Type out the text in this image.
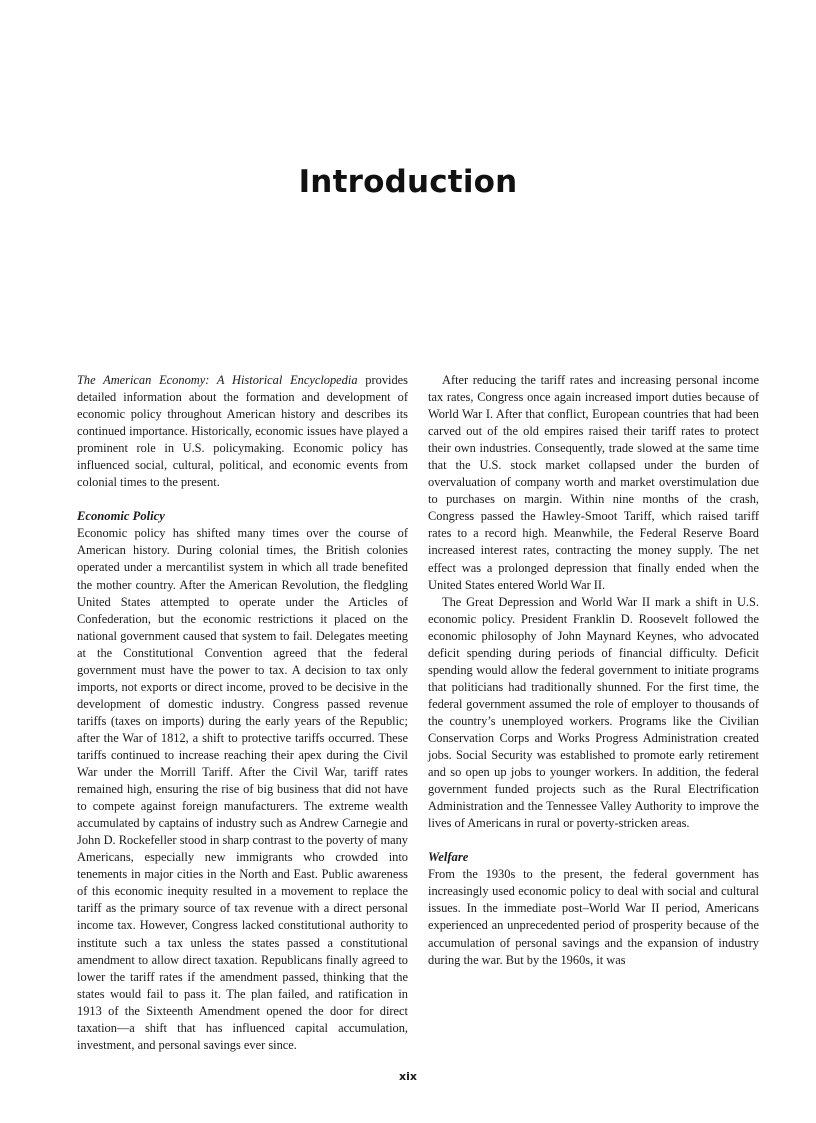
Introduction

The American Economy: A Historical Encyclopedia provides detailed information about the formation and development of economic policy throughout American history and describes its continued importance. Historically, economic issues have played a prominent role in U.S. policymaking. Economic policy has influenced social, cultural, political, and economic events from colonial times to the present.

Economic Policy

Economic policy has shifted many times over the course of American history. During colonial times, the British colonies operated under a mercantilist system in which all trade benefited the mother country. After the American Revolution, the fledgling United States attempted to operate under the Articles of Confederation, but the economic restrictions it placed on the national government caused that system to fail. Delegates meeting at the Constitutional Convention agreed that the federal government must have the power to tax. A decision to tax only imports, not exports or direct income, proved to be decisive in the development of domestic industry. Congress passed revenue tariffs (taxes on imports) during the early years of the Republic; after the War of 1812, a shift to protective tariffs occurred. These tariffs continued to increase reaching their apex during the Civil War under the Morrill Tariff. After the Civil War, tariff rates remained high, ensuring the rise of big business that did not have to compete against foreign manufacturers. The extreme wealth accumulated by captains of industry such as Andrew Carnegie and John D. Rockefeller stood in sharp contrast to the poverty of many Americans, especially new immigrants who crowded into tenements in major cities in the North and East. Public awareness of this economic inequity resulted in a movement to replace the tariff as the primary source of tax revenue with a direct personal income tax. However, Congress lacked constitutional authority to institute such a tax unless the states passed a constitutional amendment to allow direct taxation. Republicans finally agreed to lower the tariff rates if the amendment passed, thinking that the states would fail to pass it. The plan failed, and ratification in 1913 of the Sixteenth Amendment opened the door for direct taxation—a shift that has influenced capital accumulation, investment, and personal savings ever since.

After reducing the tariff rates and increasing personal income tax rates, Congress once again increased import duties because of World War I. After that conflict, European countries that had been carved out of the old empires raised their tariff rates to protect their own industries. Consequently, trade slowed at the same time that the U.S. stock market collapsed under the burden of overvaluation of company worth and market overstimulation due to purchases on margin. Within nine months of the crash, Congress passed the Hawley-Smoot Tariff, which raised tariff rates to a record high. Meanwhile, the Federal Reserve Board increased interest rates, contracting the money supply. The net effect was a prolonged depression that finally ended when the United States entered World War II.

The Great Depression and World War II mark a shift in U.S. economic policy. President Franklin D. Roosevelt followed the economic philosophy of John Maynard Keynes, who advocated deficit spending during periods of financial difficulty. Deficit spending would allow the federal government to initiate programs that politicians had traditionally shunned. For the first time, the federal government assumed the role of employer to thousands of the country’s unemployed workers. Programs like the Civilian Conservation Corps and Works Progress Administration created jobs. Social Security was established to promote early retirement and so open up jobs to younger workers. In addition, the federal government funded projects such as the Rural Electrification Administration and the Tennessee Valley Authority to improve the lives of Americans in rural or poverty-stricken areas.

Welfare

From the 1930s to the present, the federal government has increasingly used economic policy to deal with social and cultural issues. In the immediate post–World War II period, Americans experienced an unprecedented period of prosperity because of the accumulation of personal savings and the expansion of industry during the war. But by the 1960s, it was

xix
